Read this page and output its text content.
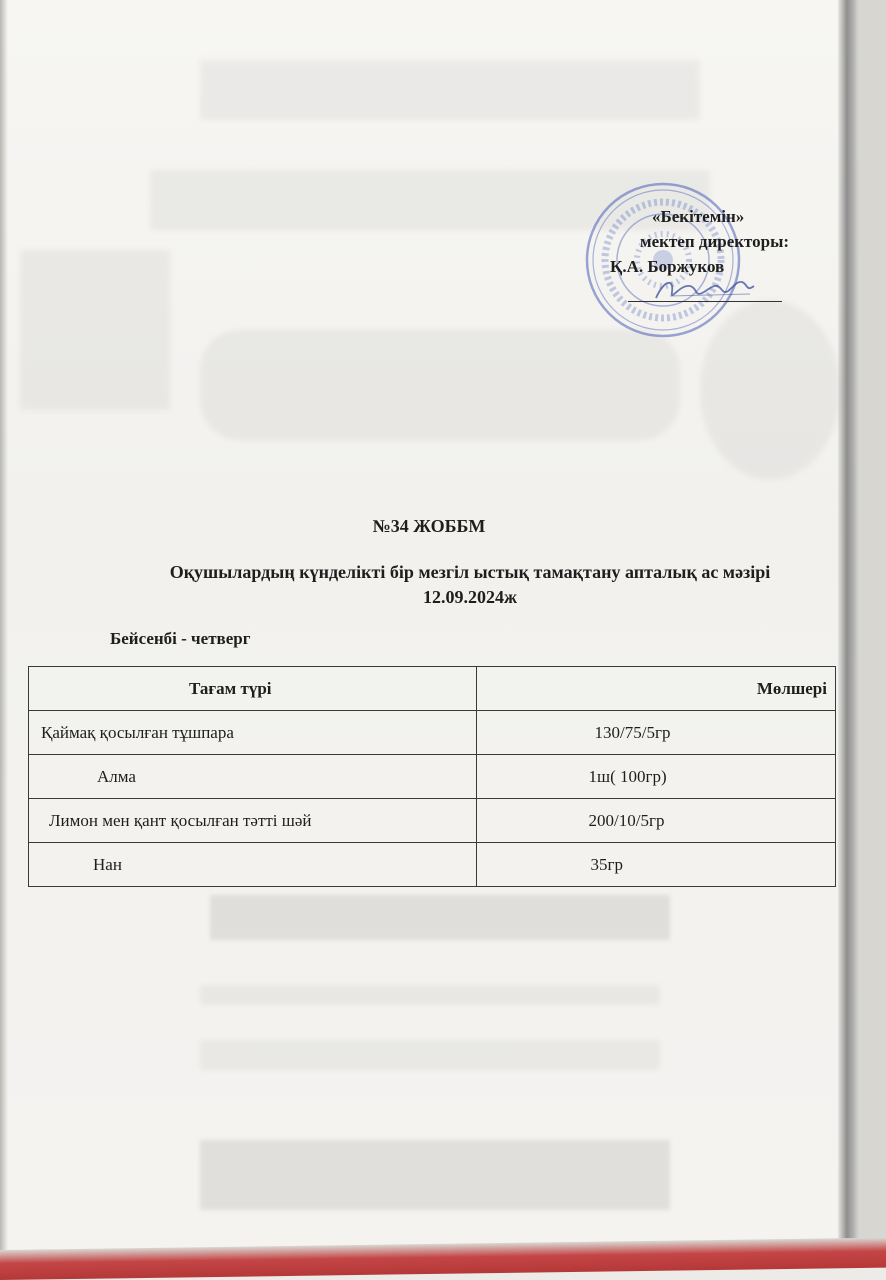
«Бекітемін»
мектеп директоры:
Қ.А. Боржуков
№34 ЖОББМ
Оқушылардың күнделікті бір мезгіл ыстық тамақтану апталық ас мәзірі
12.09.2024ж
Бейсенбі - четверг
Тағам түрі	Мөлшері
Қаймақ қосылған тұшпара	130/75/5гр
Алма	1ш( 100гр)
Лимон мен қант қосылған тәтті шәй	200/10/5гр
Нан	35гр
